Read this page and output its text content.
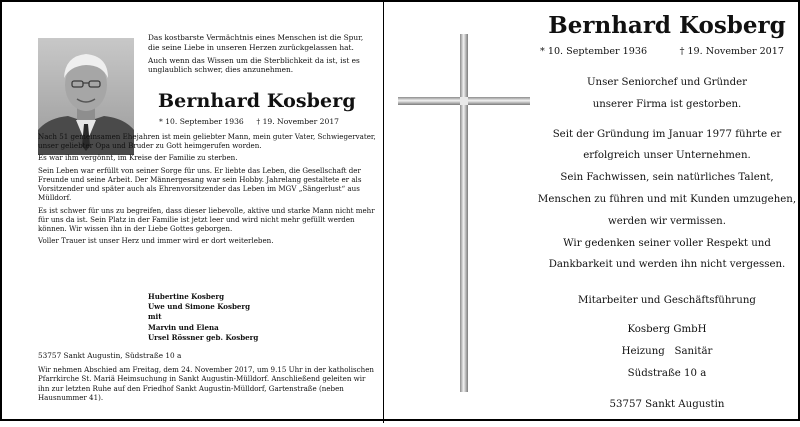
Das kostbarste Vermächtnis eines Menschen ist die Spur, die seine Liebe in unseren Herzen zurückgelassen hat.

Auch wenn das Wissen um die Sterblichkeit da ist, ist es unglaublich schwer, dies anzunehmen.

Bernhard Kosberg
* 10. September 1936 † 19. November 2017

Nach 51 gemeinsamen Ehejahren ist mein geliebter Mann, mein guter Vater, Schwiegervater, unser geliebter Opa und Bruder zu Gott heimgerufen worden.

Es war ihm vergönnt, im Kreise der Familie zu sterben.

Sein Leben war erfüllt von seiner Sorge für uns. Er liebte das Leben, die Gesellschaft der Freunde und seine Arbeit. Der Männergesang war sein Hobby. Jahrelang gestaltete er als Vorsitzender und später auch als Ehrenvorsitzender das Leben im MGV „Sängerlust“ aus Mülldorf.

Es ist schwer für uns zu begreifen, dass dieser liebevolle, aktive und starke Mann nicht mehr für uns da ist. Sein Platz in der Familie ist jetzt leer und wird nicht mehr gefüllt werden können. Wir wissen ihn in der Liebe Gottes geborgen.

Voller Trauer ist unser Herz und immer wird er dort weiterleben.

Hubertine Kosberg
Uwe und Simone Kosberg
mit
Marvin und Elena
Ursel Rössner geb. Kosberg
53757 Sankt Augustin, Südstraße 10 a
Wir nehmen Abschied am Freitag, dem 24. November 2017, um 9.15 Uhr in der katholischen Pfarrkirche St. Mariä Heimsuchung in Sankt Augustin-Mülldorf. Anschließend geleiten wir ihn zur letzten Ruhe auf den Friedhof Sankt Augustin-Mülldorf, Gartenstraße (neben Hausnummer 41).
Bernhard Kosberg
* 10. September 1936	† 19. November 2017
Unser Seniorchef und Gründer
unserer Firma ist gestorben.
Seit der Gründung im Januar 1977 führte er
erfolgreich unser Unternehmen.
Sein Fachwissen, sein natürliches Talent,
Menschen zu führen und mit Kunden umzugehen,
werden wir vermissen.
Wir gedenken seiner voller Respekt und
Dankbarkeit und werden ihn nicht vergessen.
Mitarbeiter und Geschäftsführung
Kosberg GmbH
Heizung   Sanitär
Südstraße 10 a
53757 Sankt Augustin
